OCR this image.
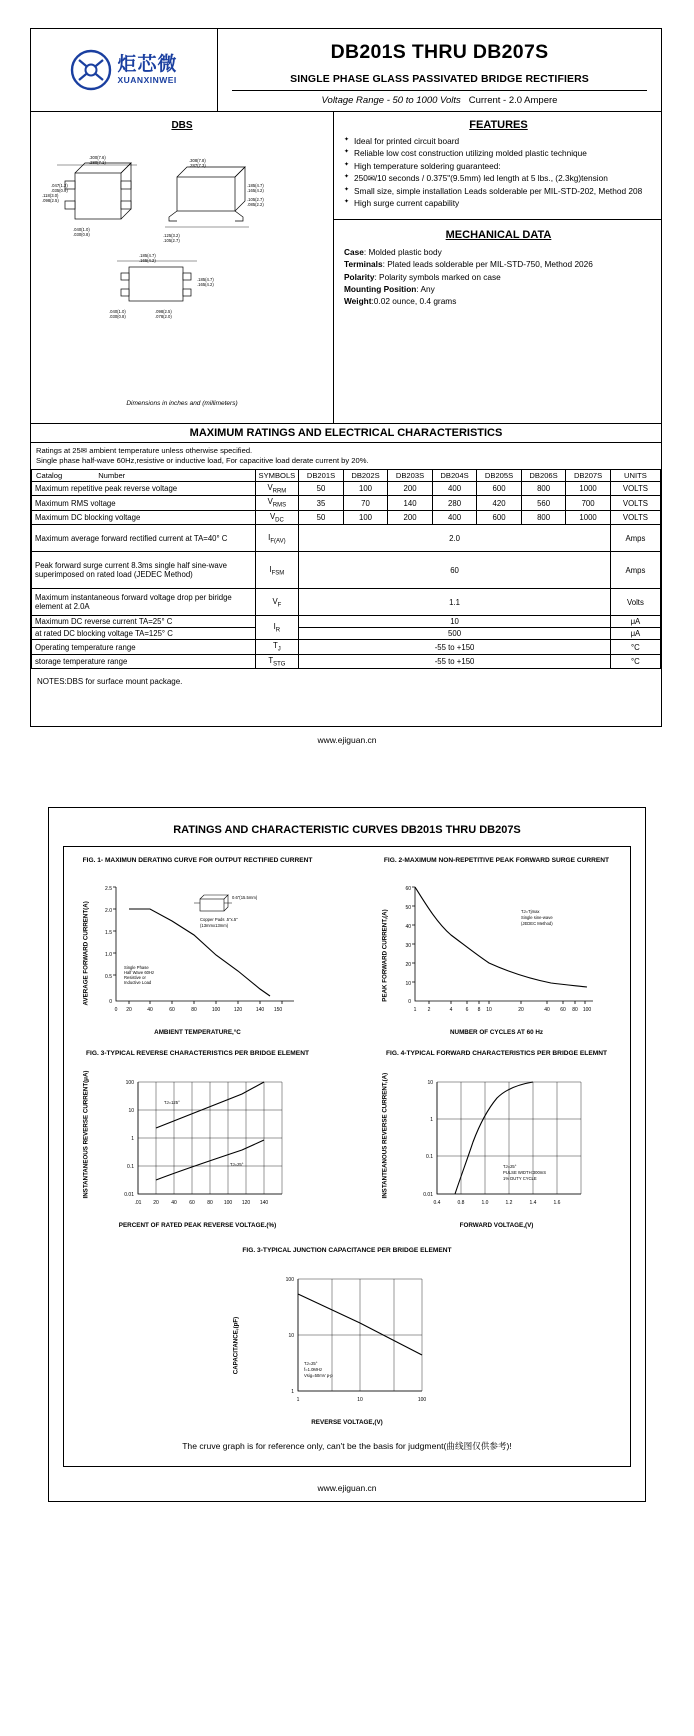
炬芯微
XUANXINWEI
DB201S THRU DB207S
SINGLE PHASE GLASS PASSIVATED BRIDGE RECTIFIERS
Voltage Range - 50 to 1000 Volts Current - 2.0 Ampere
DBS
.300(7.6)
.280(7.1)
.047(1.2)
.035(0.9)
.040(1.0)
.030(0.8)
.118(3.0)
.098(2.5)
.308(7.8)
.287(7.3)
.185(4.7)
.165(4.2)
.105(2.7)
.085(2.2)
.125(3.2)
.105(2.7)
.185(4.7)
.165(4.2)
.185(4.7)
.165(4.2)
.040(1.0)
.030(0.8)
.098(2.5)
.078(2.0)
Dimensions in inches and (millimeters)
FEATURES
✦ Ideal for printed circuit board
✦ Reliable low cost construction utilizing molded plastic technique
✦ High temperature soldering guaranteed:
✦ 250✉/10 seconds / 0.375"(9.5mm) led length at 5 lbs., (2.3kg)tension
✦ Small size, simple installation Leads solderable per MIL-STD-202, Method 208
✦ High surge current capability
MECHANICAL DATA

Case: Molded plastic body

Terminals: Plated leads solderable per MIL-STD-750, Method 2026

Polarity: Polarity symbols marked on case

Mounting Position: Any

Weight:0.02 ounce, 0.4 grams

MAXIMUM RATINGS AND ELECTRICAL CHARACTERISTICS
Ratings at 25✉ ambient temperature unless otherwise specified.
Single phase half-wave 60Hz,resistive or inductive load, For capacitive load derate current by 20%.
Catalog Number	SYMBOLS	DB201S	DB202S	DB203S	DB204S	DB205S	DB206S	DB207S	UNITS
Maximum repetitive peak reverse voltage	$V_{RRM}$	50	100	200	400	600	800	1000	VOLTS
Maximum RMS voltage	$V_{RMS}$	35	70	140	280	420	560	700	VOLTS
Maximum DC blocking voltage	$V_{DC}$	50	100	200	400	600	800	1000	VOLTS
Maximum average forward rectified current at TA=40° C	$I_{F(AV)}$	2.0							Amps
Peak forward surge current 8.3ms single half sine-wave superimposed on rated load (JEDEC Method)	$I_{FSM}$	60							Amps
Maximum instantaneous forward voltage drop per biridge element at 2.0A	$V_F$	1.1							Volts
Maximum DC reverse current TA=25° C	$I_R$	10							μA
at rated DC blocking voltage TA=125° C		500							μA
Operating temperature range	$T_J$	-55 to +150							°C
storage temperature range	$T_{STG}$	-55 to +150							°C
NOTES:DBS for surface mount package.
www.ejiguan.cn
RATINGS AND CHARACTERISTIC CURVES DB201S THRU DB207S
FIG. 1- MAXIMUN DERATING CURVE FOR OUTPUT RECTIFIED CURRENT
AVERAGE FORWARD CURRENT(A)
2.5
2.0
1.5
1.0
0.5
0
0 20	40	60	80	100	120	140 150
0.6"(15.5mm)
Copper Pads .5"x.5"
(13mmx13mm)
Single Phase
Half Wave 60Hz
Resistive or
Inductive Load
AMBIENT TEMPERATURE,°C
FIG. 2-MAXIMUM NON-REPETITIVE PEAK FORWARD SURGE CURRENT
PEAK FORWARD CURRENT,(A)
60
50
40
30
20
10
0
1 2	4	6 8 10	20	40 60 80 100
TJ=Tjmax
Single sine-wave
(JEDEC Method)
NUMBER OF CYCLES AT 60 Hz
FIG. 3-TYPICAL REVERSE CHARACTERISTICS PER BRIDGE ELEMENT
INSTANTANEOUS REVERSE CURRENT(μA)	100
10
1
0.1
0.01
.01 20 40 60 80 100 120 140
TJ=125°
TJ=25°
PERCENT OF RATED PEAK REVERSE VOLTAGE.(%)
FIG. 4-TYPICAL FORWARD CHARACTERISTICS PER BRIDGE ELEMNT
INSTANTEANOUS REVERSE CURRENT,(A)	10
1
0.1
0.01
0.4	0.8	1.0	1.2	1.4	1.6
TJ=25°
PULSE WIDTH:300mS
1% DUTY CYCLE
FORWARD VOLTAGE,(V)
FIG. 3-TYPICAL JUNCTION CAPACITANCE PER BRIDGE ELEMENT
CAPACITANCE,(pF)
100
10
1
1	10	100
TJ=25°
f=1.0MHz
Vsig=50mV p-p
REVERSE VOLTAGE,(V)
The cruve graph is for reference only, can't be the basis for judgment(曲线图仅供参考)!
www.ejiguan.cn
